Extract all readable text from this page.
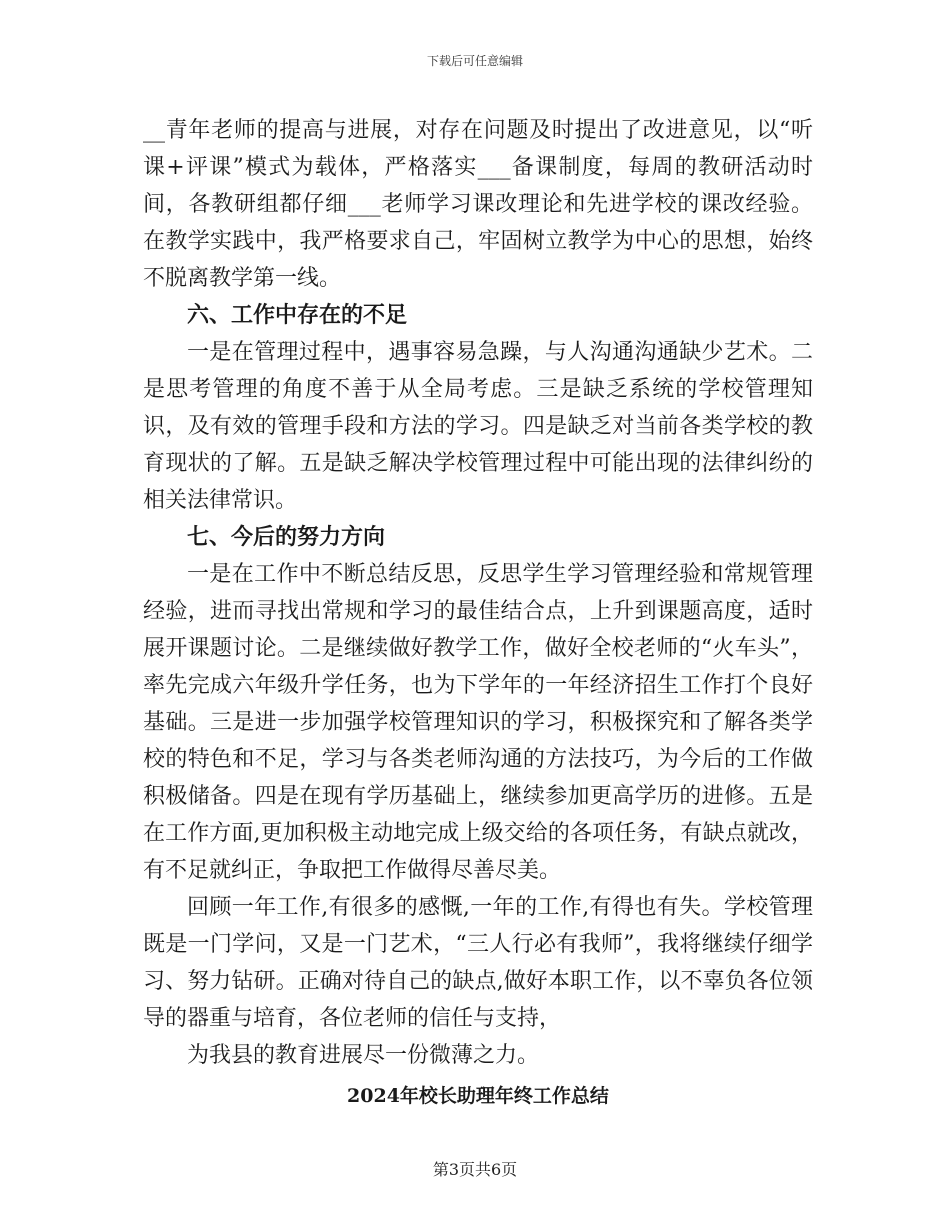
下载后可任意编辑

__青年老师的提高与进展，对存在问题及时提出了改进意见，以“听课+评课”模式为载体，严格落实___备课制度，每周的教研活动时间，各教研组都仔细___老师学习课改理论和先进学校的课改经验。在教学实践中，我严格要求自己，牢固树立教学为中心的思想，始终不脱离教学第一线。

六、工作中存在的不足

一是在管理过程中，遇事容易急躁，与人沟通沟通缺少艺术。二是思考管理的角度不善于从全局考虑。三是缺乏系统的学校管理知识，及有效的管理手段和方法的学习。四是缺乏对当前各类学校的教育现状的了解。五是缺乏解决学校管理过程中可能出现的法律纠纷的相关法律常识。

七、今后的努力方向

一是在工作中不断总结反思，反思学生学习管理经验和常规管理经验，进而寻找出常规和学习的最佳结合点，上升到课题高度，适时展开课题讨论。二是继续做好教学工作，做好全校老师的“火车头”，率先完成六年级升学任务，也为下学年的一年经济招生工作打个良好基础。三是进一步加强学校管理知识的学习，积极探究和了解各类学校的特色和不足，学习与各类老师沟通的方法技巧，为今后的工作做积极储备。四是在现有学历基础上，继续参加更高学历的进修。五是在工作方面,更加积极主动地完成上级交给的各项任务，有缺点就改，有不足就纠正，争取把工作做得尽善尽美。

回顾一年工作,有很多的感慨,一年的工作,有得也有失。学校管理既是一门学问，又是一门艺术，“三人行必有我师”，我将继续仔细学习、努力钻研。正确对待自己的缺点,做好本职工作，以不辜负各位领导的器重与培育，各位老师的信任与支持，

为我县的教育进展尽一份微薄之力。

2024年校长助理年终工作总结

第3页共6页
